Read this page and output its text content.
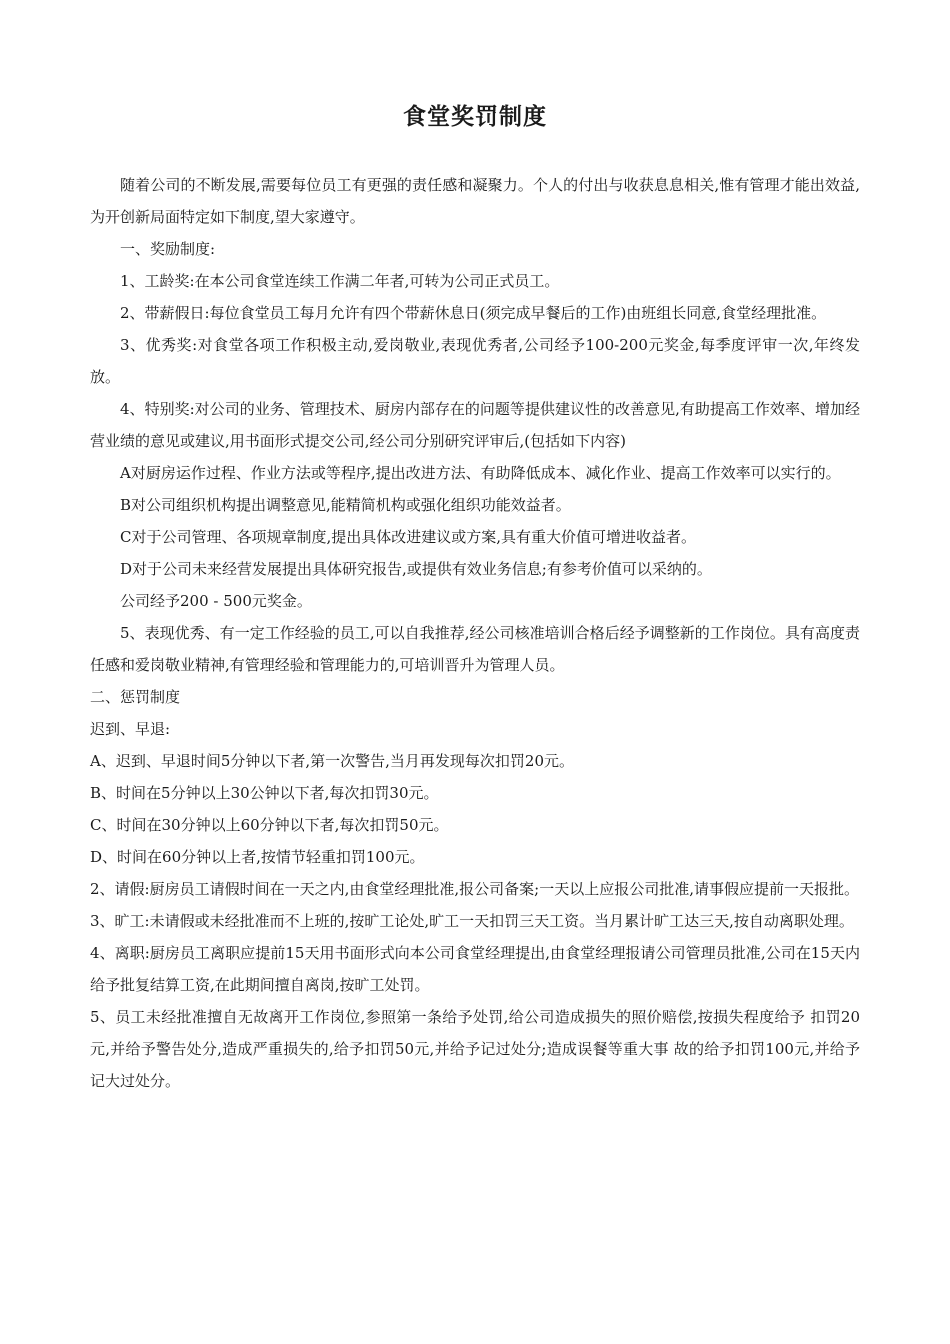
食堂奖罚制度

随着公司的不断发展,需要每位员工有更强的责任感和凝聚力。个人的付出与收获息息相关,惟有管理才能出效益,为开创新局面特定如下制度,望大家遵守。

一、奖励制度:

1、工龄奖:在本公司食堂连续工作满二年者,可转为公司正式员工。

2、带薪假日:每位食堂员工每月允许有四个带薪休息日(须完成早餐后的工作)由班组长同意,食堂经理批准。

3、优秀奖:对食堂各项工作积极主动,爱岗敬业,表现优秀者,公司经予100-200元奖金,每季度评审一次,年终发放。

4、特别奖:对公司的业务、管理技术、厨房内部存在的问题等提供建议性的改善意见,有助提高工作效率、增加经营业绩的意见或建议,用书面形式提交公司,经公司分别研究评审后,(包括如下内容)

A对厨房运作过程、作业方法或等程序,提出改进方法、有助降低成本、减化作业、提高工作效率可以实行的。

B对公司组织机构提出调整意见,能精简机构或强化组织功能效益者。

C对于公司管理、各项规章制度,提出具体改进建议或方案,具有重大价值可增进收益者。

D对于公司未来经营发展提出具体研究报告,或提供有效业务信息;有参考价值可以采纳的。

公司经予200 - 500元奖金。

5、表现优秀、有一定工作经验的员工,可以自我推荐,经公司核准培训合格后经予调整新的工作岗位。具有高度责任感和爱岗敬业精神,有管理经验和管理能力的,可培训晋升为管理人员。

二、惩罚制度

迟到、早退:

A、迟到、早退时间5分钟以下者,第一次警告,当月再发现每次扣罚20元。

B、时间在5分钟以上30公钟以下者,每次扣罚30元。

C、时间在30分钟以上60分钟以下者,每次扣罚50元。

D、时间在60分钟以上者,按情节轻重扣罚100元。

2、请假:厨房员工请假时间在一天之内,由食堂经理批准,报公司备案;一天以上应报公司批准,请事假应提前一天报批。

3、旷工:未请假或未经批准而不上班的,按旷工论处,旷工一天扣罚三天工资。当月累计旷工达三天,按自动离职处理。

4、离职:厨房员工离职应提前15天用书面形式向本公司食堂经理提出,由食堂经理报请公司管理员批准,公司在15天内给予批复结算工资,在此期间擅自离岗,按旷工处罚。

5、员工未经批准擅自无故离开工作岗位,参照第一条给予处罚,给公司造成损失的照价赔偿,按损失程度给予 扣罚20元,并给予警告处分,造成严重损失的,给予扣罚50元,并给予记过处分;造成误餐等重大事 故的给予扣罚100元,并给予记大过处分。
